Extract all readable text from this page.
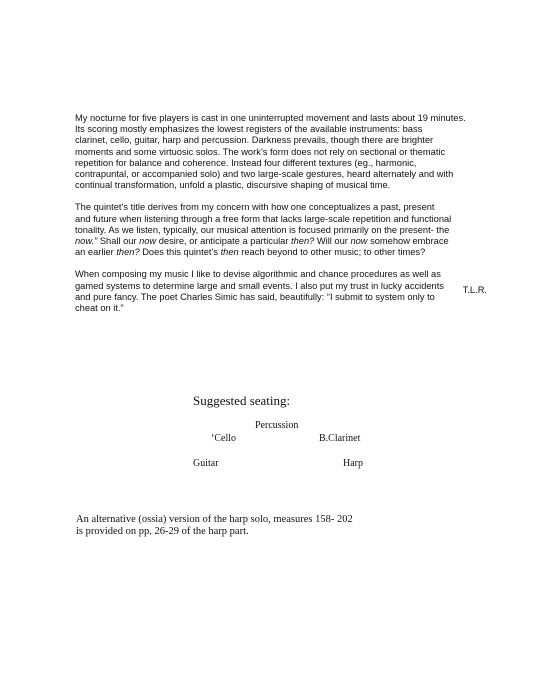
My nocturne for five players is cast in one uninterrupted movement and lasts about 19 minutes.
Its scoring mostly emphasizes the lowest registers of the available instruments: bass
clarinet, cello, guitar, harp and percussion. Darkness prevails, though there are brighter
moments and some virtuosic solos. The work’s form does not rely on sectional or thematic
repetition for balance and coherence. Instead four different textures (eg., harmonic,
contrapuntal, or accompanied solo) and two large-scale gestures, heard alternately and with
continual transformation, unfold a plastic, discursive shaping of musical time.

The quintet’s title derives from my concern with how one conceptualizes a past, present
and future when listening through a free form that lacks large-scale repetition and functional
tonality. As we listen, typically, our musical attention is focused primarily on the present- the
now.” Shall our now desire, or anticipate a particular then? Will our now somehow embrace
an earlier then? Does this quintet’s then reach beyond to other music; to other times?

When composing my music I like to devise algorithmic and chance procedures as well as
gamed systems to determine large and small events. I also put my trust in lucky accidents
and pure fancy. The poet Charles Simic has said, beautifully: “I submit to system only to
cheat on it.”

T.L.R.
Suggested seating:
Percussion
‘Cello	B.Clarinet
Guitar	Harp
An alternative (ossia) version of the harp solo, measures 158- 202
is provided on pp. 26-29 of the harp part.
